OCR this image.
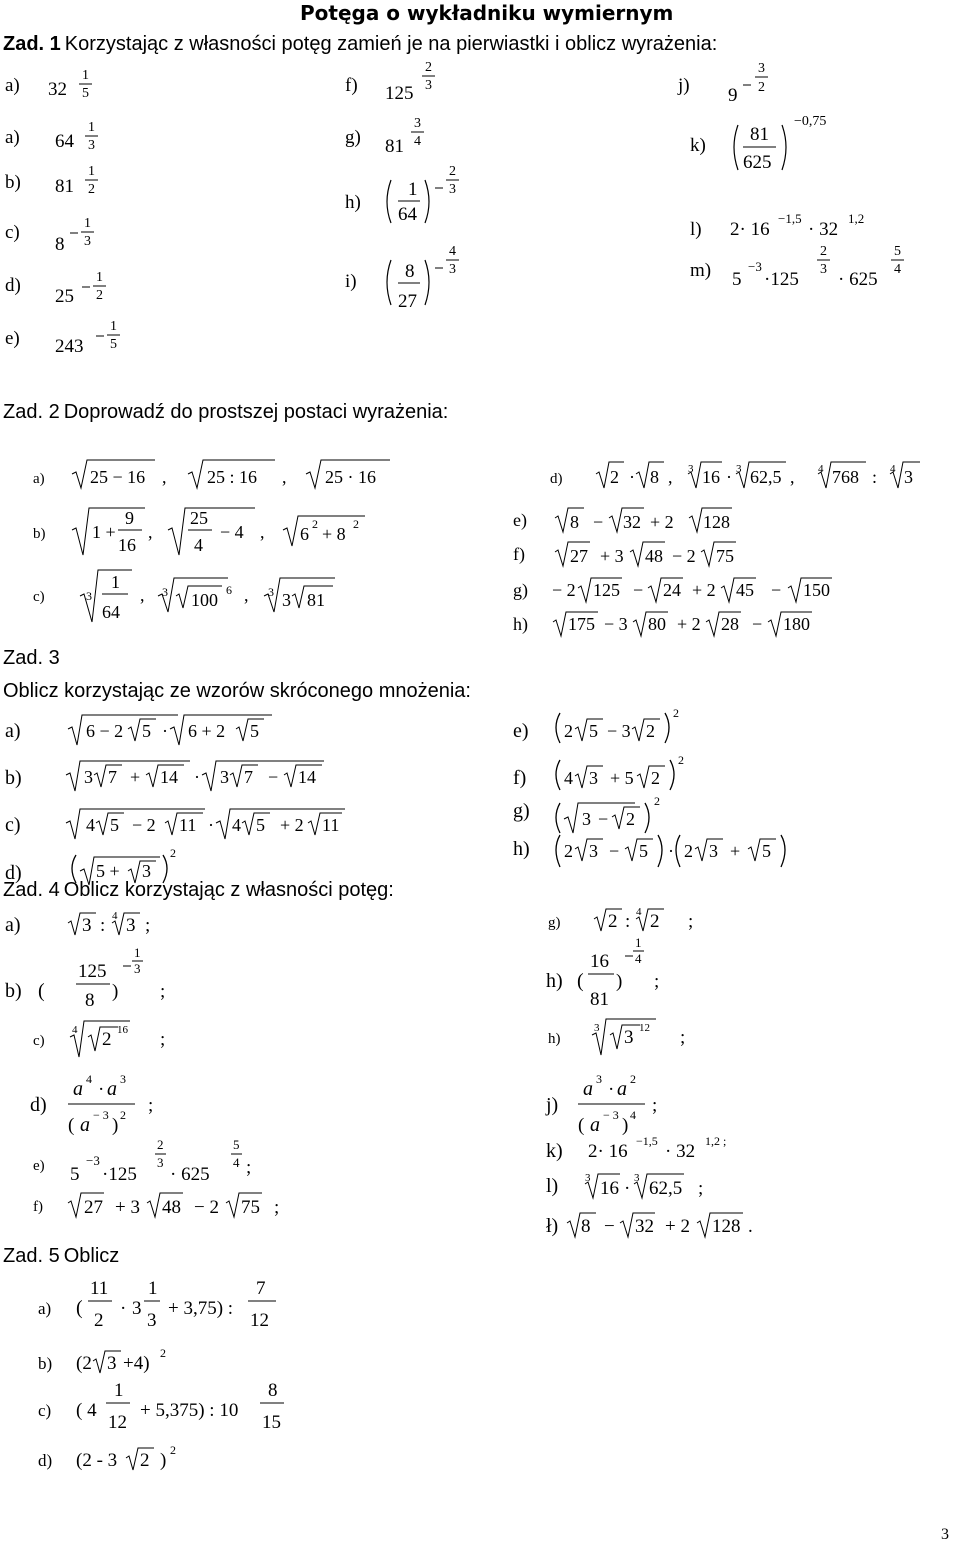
Potęga o wykładniku wymiernym
Zad. 1 Korzystając z własności potęg zamień je na pierwiastki i oblicz wyrażenia:
a) 32
1
5
a) 64
1
3
b) 81
1
2
c)
8
1
3
d)
25
1
2
e) 243
1
5
f) 125
2
3
g) 81
3
4
h)
1
64
2
3
i)	8
27
4
3
j) 9
3
2
k)
81
625
−0,75
l) 2· 16
−1,5
· 32
1,2
m) 5
−3
·125
2
3 · 625
5
4
Zad. 2 Doprowadź do prostszej postaci wyrażenia:
a)	25 − 16 , 25 : 16 , 25 · 16
b)	1 +
9
16
,
25
4
− 4 , 6 2 + 8 2
c)	3
1
64
, 3 100 6 , 3 3 81
d)	2 · 8 , 3 16 · 3 62,5 , 4 768 : 4 3
e) 8 − 32 + 2 128
f)	27 + 3 48 − 2 75
g) − 2 125 − 24 + 2 45 − 150
h) 175 − 3 80 + 2 28 − 180
Zad. 3
Oblicz korzystając ze wzorów skróconego mnożenia:
a)	6 − 2 5 · 6 + 2 5
b)	3 7 + 14 · 3 7 − 14
c)	4 5 − 2 11 · 4 5 + 2 11
d)	5 + 3
2
e) 2 5 − 3 2
2
f) 4 3 + 5 2
2
g)	3 − 2
2
h) 2 3 − 5 · 2 3 + 5
Zad. 4 Oblicz korzystając z własności potęg:
a)	3 : 4 3 ;
b) (
125
8 )
1
3
;
c)
4 2 16 ;
d)
a 4 · a 3
( a − 3 ) 2 ;
e) 5
−3
·125
2
3
· 625
5
4 ;
f) 27 + 3 48 − 2 75 ;
g)	2 : 4 2 ;
h) (
16
81
)
1
4
;
h)
3 3 12 ;
j)
a 3 · a 2
( a − 3 ) 4 ;
k) 2· 16 −1,5 · 32 1,2 ;
l) 3 16 · 3 62,5 ;
ł) 8 − 32 + 2 128 .
Zad. 5 Oblicz
a) (
11
2
· 3
1
3
+ 3,75) :
7
12
b) (2 3 +4) 2
c) ( 4
1
12
+ 5,375) : 10
8
15
d) (2 - 3 2 ) 2
3
